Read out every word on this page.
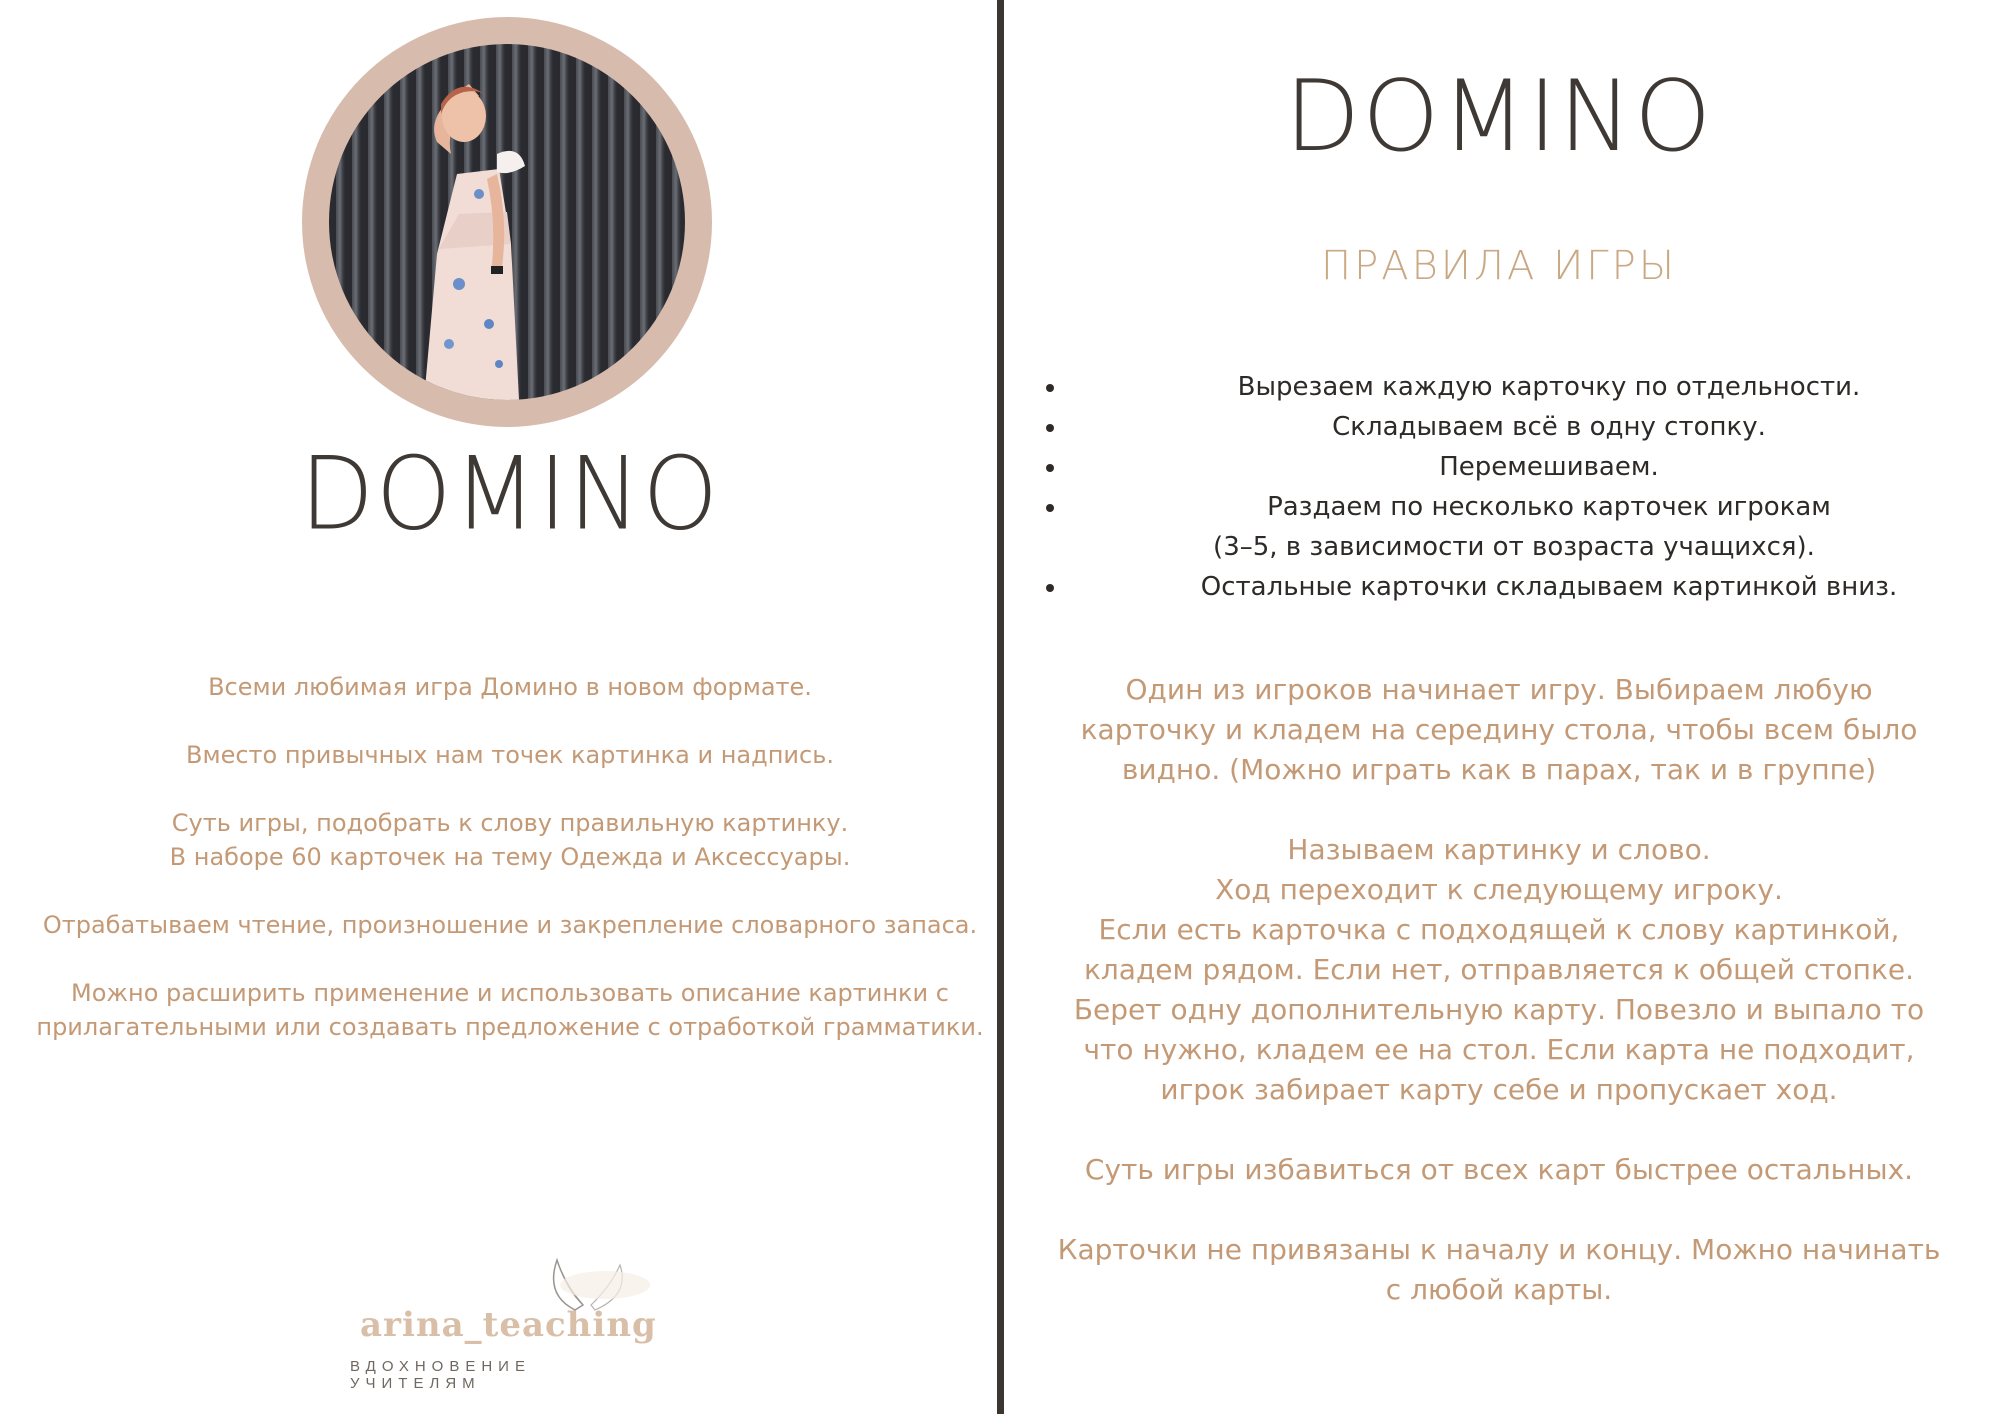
DOMINO

Всеми любимая игра Домино в новом формате.

Вместо привычных нам точек картинка и надпись.

Суть игры, подобрать к слову правильную картинку.
В наборе 60 карточек на тему Одежда и Аксессуары.

Отрабатываем чтение, произношение и закрепление словарного запаса.

Можно расширить применение и использовать описание картинки с
прилагательными или создавать предложение с отработкой грамматики.

arina_teaching
ВДОХНОВЕНИЕ УЧИТЕЛЯМ
DOMINO
ПРАВИЛА ИГРЫ
Вырезаем каждую карточку по отдельности.
Складываем всё в одну стопку.
Перемешиваем.
Раздаем по несколько карточек игрокам
(3–5, в зависимости от возраста учащихся).
Остальные карточки складываем картинкой вниз.

Один из игроков начинает игру. Выбираем любую
карточку и кладем на середину стола, чтобы всем было
видно. (Можно играть как в парах, так и в группе)

Называем картинку и слово.
Ход переходит к следующему игроку.
Если есть карточка с подходящей к слову картинкой,
кладем рядом. Если нет, отправляется к общей стопке.
Берет одну дополнительную карту. Повезло и выпало то
что нужно, кладем ее на стол. Если карта не подходит,
игрок забирает карту себе и пропускает ход.

Суть игры избавиться от всех карт быстрее остальных.

Карточки не привязаны к началу и концу. Можно начинать
с любой карты.
